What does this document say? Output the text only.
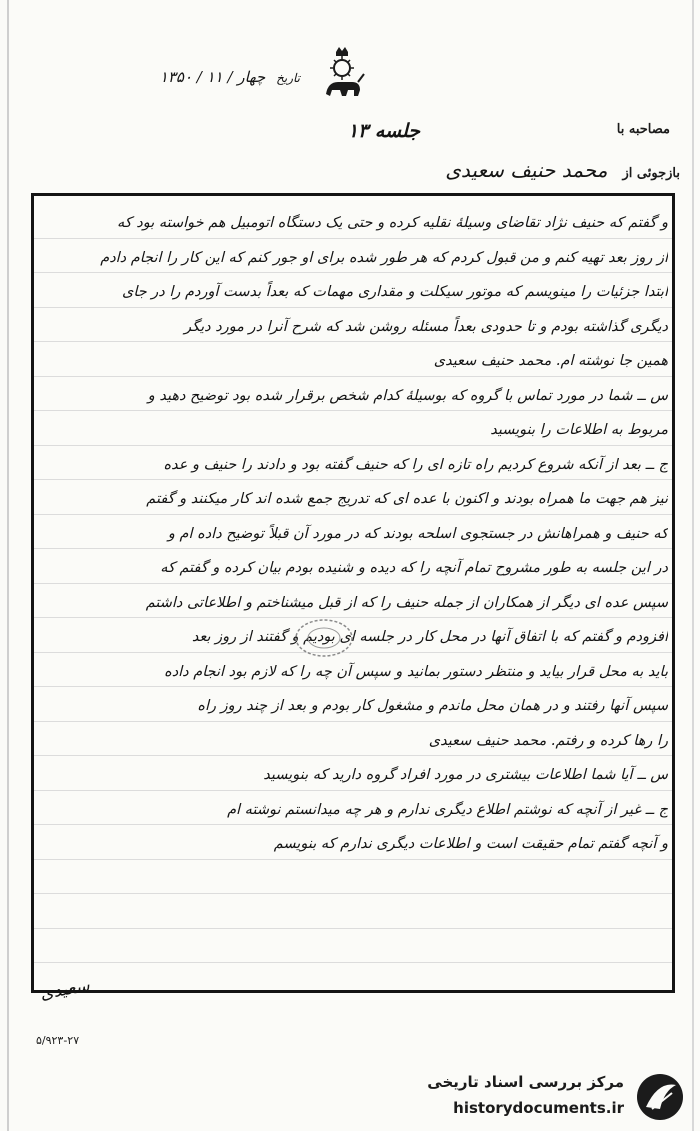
تاریخ چهار / ۱۱ / ۱۳۵۰
مصاحبه با
جلسه ۱۳
بازجوئی از محمد حنیف سعیدی
و گفتم که حنیف نژاد تقاضای وسیلهٔ نقلیه کرده و حتی یک دستگاه اتومبیل هم خواسته بود که
از روز بعد تهیه کنم و من قبول کردم که هر طور شده برای او جور کنم که این کار را انجام دادم
ابتدا جزئیات را مینویسم که موتور سیکلت و مقداری مهمات که بعداً بدست آوردم را در جای
دیگری گذاشته بودم و تا حدودی بعداً مسئله روشن شد که شرح آنرا در مورد دیگر
همین جا نوشته ام. محمد حنیف سعیدی
س ــ شما در مورد تماس با گروه که بوسیلهٔ کدام شخص برقرار شده بود توضیح دهید و
مربوط به اطلاعات را بنویسید
ج ــ بعد از آنکه شروع کردیم راه تازه ای را که حنیف گفته بود و دادند را حنیف و عده
نیز هم جهت ما همراه بودند و اکنون با عده ای که تدریج جمع شده اند کار میکنند و گفتم
که حنیف و همراهانش در جستجوی اسلحه بودند که در مورد آن قبلاً توضیح داده ام و
در این جلسه به طور مشروح تمام آنچه را که دیده و شنیده بودم بیان کرده و گفتم که
سپس عده ای دیگر از همکاران از جمله حنیف را که از قبل میشناختم و اطلاعاتی داشتم
افزودم و گفتم که با اتفاق آنها در محل کار در جلسه ای بودیم و گفتند از روز بعد
باید به محل قرار بیاید و منتظر دستور بمانید و سپس آن چه را که لازم بود انجام داده
سپس آنها رفتند و در همان محل ماندم و مشغول کار بودم و بعد از چند روز راه
را رها کرده و رفتم. محمد حنیف سعیدی
س ــ آیا شما اطلاعات بیشتری در مورد افراد گروه دارید که بنویسید
ج ــ غیر از آنچه که نوشتم اطلاع دیگری ندارم و هر چه میدانستم نوشته ام
و آنچه گفتم تمام حقیقت است و اطلاعات دیگری ندارم که بنویسم
سعیدی
۵/۹۲۳-۲۷
مرکز بررسی اسناد تاریخی
historydocuments.ir
